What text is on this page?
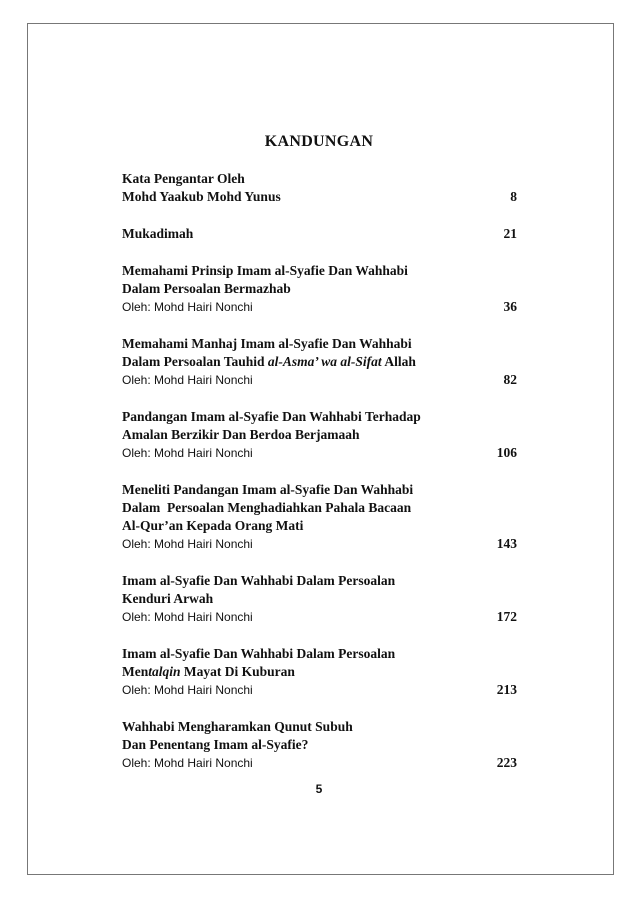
KANDUNGAN
Kata Pengantar Oleh
Mohd Yaakub Mohd Yunus	8
Mukadimah	21
Memahami Prinsip Imam al-Syafie Dan Wahhabi
Dalam Persoalan Bermazhab
Oleh: Mohd Hairi Nonchi	36
Memahami Manhaj Imam al-Syafie Dan Wahhabi
Dalam Persoalan Tauhid al-Asma’ wa al-Sifat Allah
Oleh: Mohd Hairi Nonchi	82
Pandangan Imam al-Syafie Dan Wahhabi Terhadap
Amalan Berzikir Dan Berdoa Berjamaah
Oleh: Mohd Hairi Nonchi	106
Meneliti Pandangan Imam al-Syafie Dan Wahhabi
Dalam  Persoalan Menghadiahkan Pahala Bacaan
Al-Qur’an Kepada Orang Mati
Oleh: Mohd Hairi Nonchi	143
Imam al-Syafie Dan Wahhabi Dalam Persoalan
Kenduri Arwah
Oleh: Mohd Hairi Nonchi	172
Imam al-Syafie Dan Wahhabi Dalam Persoalan
Mentalqin Mayat Di Kuburan
Oleh: Mohd Hairi Nonchi	213
Wahhabi Mengharamkan Qunut Subuh
Dan Penentang Imam al-Syafie?
Oleh: Mohd Hairi Nonchi	223
5
